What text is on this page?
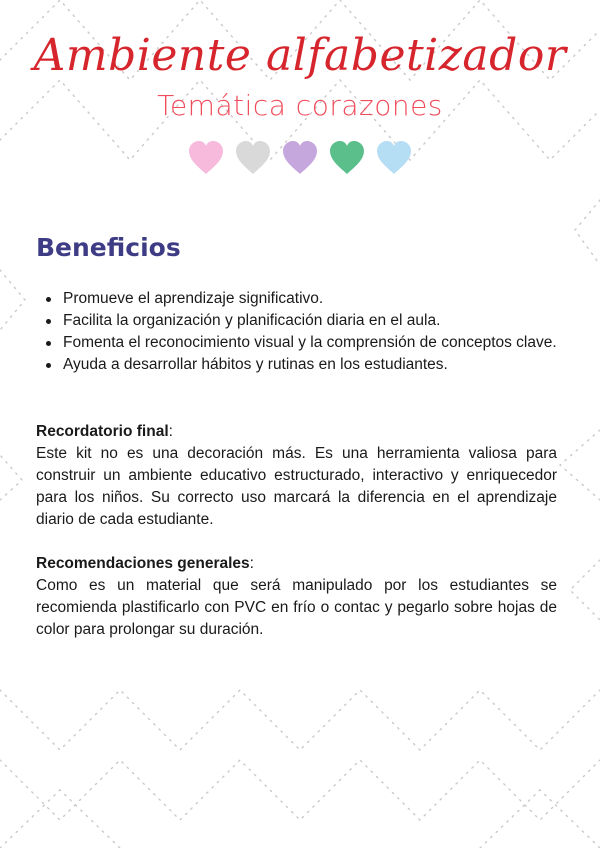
Ambiente alfabetizador
Temática corazones
Beneficios
Promueve el aprendizaje significativo.
Facilita la organización y planificación diaria en el aula.
Fomenta el reconocimiento visual y la comprensión de conceptos clave.
Ayuda a desarrollar hábitos y rutinas en los estudiantes.
Recordatorio final:
Este kit no es una decoración más. Es una herramienta valiosa para construir un ambiente educativo estructurado, interactivo y enriquecedor para los niños. Su correcto uso marcará la diferencia en el aprendizaje diario de cada estudiante.
Recomendaciones generales:
Como es un material que será manipulado por los estudiantes se recomienda plastificarlo con PVC en frío o contac y pegarlo sobre hojas de color para prolongar su duración.
